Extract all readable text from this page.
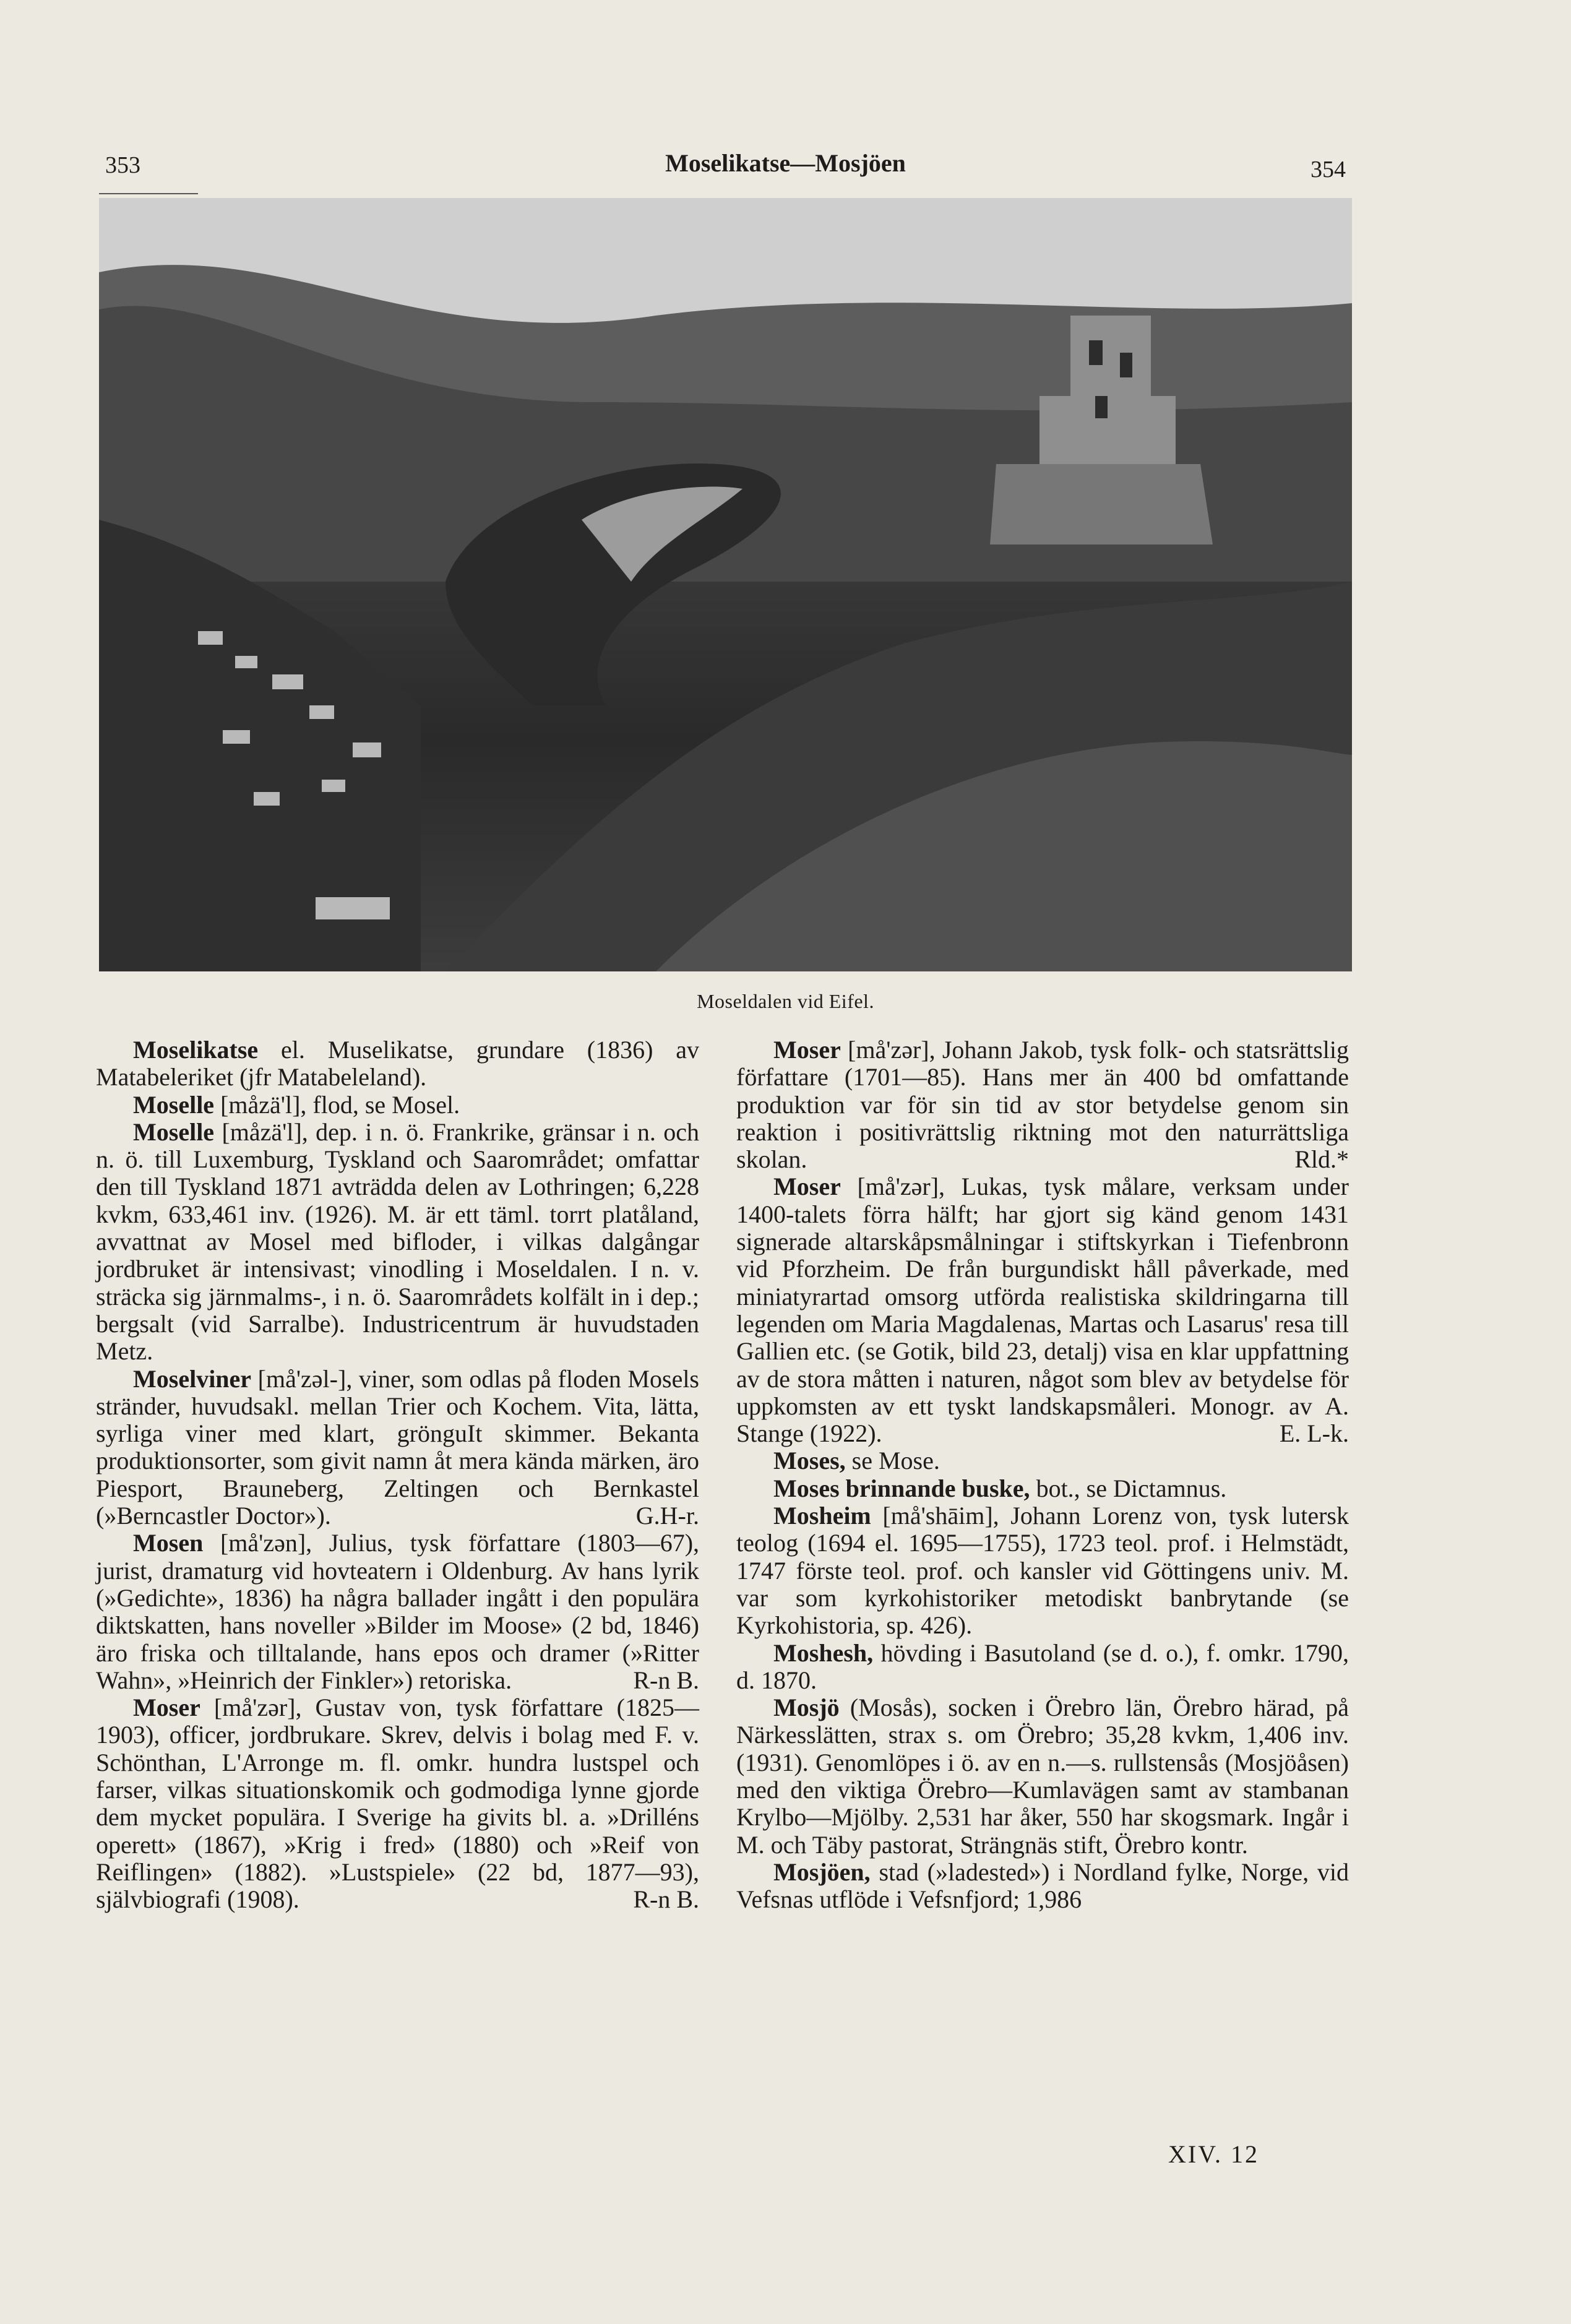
353	Moselikatse—Mosjöen	354
Moseldalen vid Eifel.

Moselikatse el. Muselikatse, grundare (1836) av Matabeleriket (jfr Matabeleland).

Moselle [måzä'l], flod, se Mosel.

Moselle [måzä'l], dep. i n. ö. Frankrike, gränsar i n. och n. ö. till Luxemburg, Tyskland och Saarområdet; omfattar den till Tyskland 1871 avträdda delen av Lothringen; 6,228 kvkm, 633,461 inv. (1926). M. är ett täml. torrt platåland, avvattnat av Mosel med bifloder, i vilkas dalgångar jordbruket är intensivast; vinodling i Moseldalen. I n. v. sträcka sig järnmalms-, i n. ö. Saarområdets kolfält in i dep.; bergsalt (vid Sarralbe). Industricentrum är huvudstaden Metz.

Moselviner [må'zəl-], viner, som odlas på floden Mosels stränder, huvudsakl. mellan Trier och Kochem. Vita, lätta, syrliga viner med klart, grönguIt skimmer. Bekanta produktionsorter, som givit namn åt mera kända märken, äro Piesport, Brauneberg, Zeltingen och Bernkastel (»Berncastler Doctor»).	G.H-r.

Mosen [må'zən], Julius, tysk författare (1803—67), jurist, dramaturg vid hovteatern i Oldenburg. Av hans lyrik (»Gedichte», 1836) ha några ballader ingått i den populära diktskatten, hans noveller »Bilder im Moose» (2 bd, 1846) äro friska och tilltalande, hans epos och dramer (»Ritter Wahn», »Heinrich der Finkler») retoriska.	R-n B.

Moser [må'zər], Gustav von, tysk författare (1825—1903), officer, jordbrukare. Skrev, delvis i bolag med F. v. Schönthan, L'Arronge m. fl. omkr. hundra lustspel och farser, vilkas situationskomik och godmodiga lynne gjorde dem mycket populära. I Sverige ha givits bl. a. »Drilléns operett» (1867), »Krig i fred» (1880) och »Reif von Reiflingen» (1882). »Lustspiele» (22 bd, 1877—93), självbiografi (1908).	R-n B.

Moser [må'zər], Johann Jakob, tysk folk- och statsrättslig författare (1701—85). Hans mer än 400 bd omfattande produktion var för sin tid av stor betydelse genom sin reaktion i positivrättslig riktning mot den naturrättsliga skolan.	Rld.*

Moser [må'zər], Lukas, tysk målare, verksam under 1400-talets förra hälft; har gjort sig känd genom 1431 signerade altarskåpsmålningar i stiftskyrkan i Tiefenbronn vid Pforzheim. De från burgundiskt håll påverkade, med miniatyrartad omsorg utförda realistiska skildringarna till legenden om Maria Magdalenas, Martas och Lasarus' resa till Gallien etc. (se Gotik, bild 23, detalj) visa en klar uppfattning av de stora måtten i naturen, något som blev av betydelse för uppkomsten av ett tyskt landskapsmåleri. Monogr. av A. Stange (1922).	E. L-k.

Moses, se Mose.

Moses brinnande buske, bot., se Dictamnus.

Mosheim [må'shāim], Johann Lorenz von, tysk lutersk teolog (1694 el. 1695—1755), 1723 teol. prof. i Helmstädt, 1747 förste teol. prof. och kansler vid Göttingens univ. M. var som kyrkohistoriker metodiskt banbrytande (se Kyrkohistoria, sp. 426).

Moshesh, hövding i Basutoland (se d. o.), f. omkr. 1790, d. 1870.

Mosjö (Mosås), socken i Örebro län, Örebro härad, på Närkesslätten, strax s. om Örebro; 35,28 kvkm, 1,406 inv. (1931). Genomlöpes i ö. av en n.—s. rullstensås (Mosjöåsen) med den viktiga Örebro—Kumlavägen samt av stambanan Krylbo—Mjölby. 2,531 har åker, 550 har skogsmark. Ingår i M. och Täby pastorat, Strängnäs stift, Örebro kontr.

Mosjöen, stad (»ladested») i Nordland fylke, Norge, vid Vefsnas utflöde i Vefsnfjord; 1,986

XIV. 12
